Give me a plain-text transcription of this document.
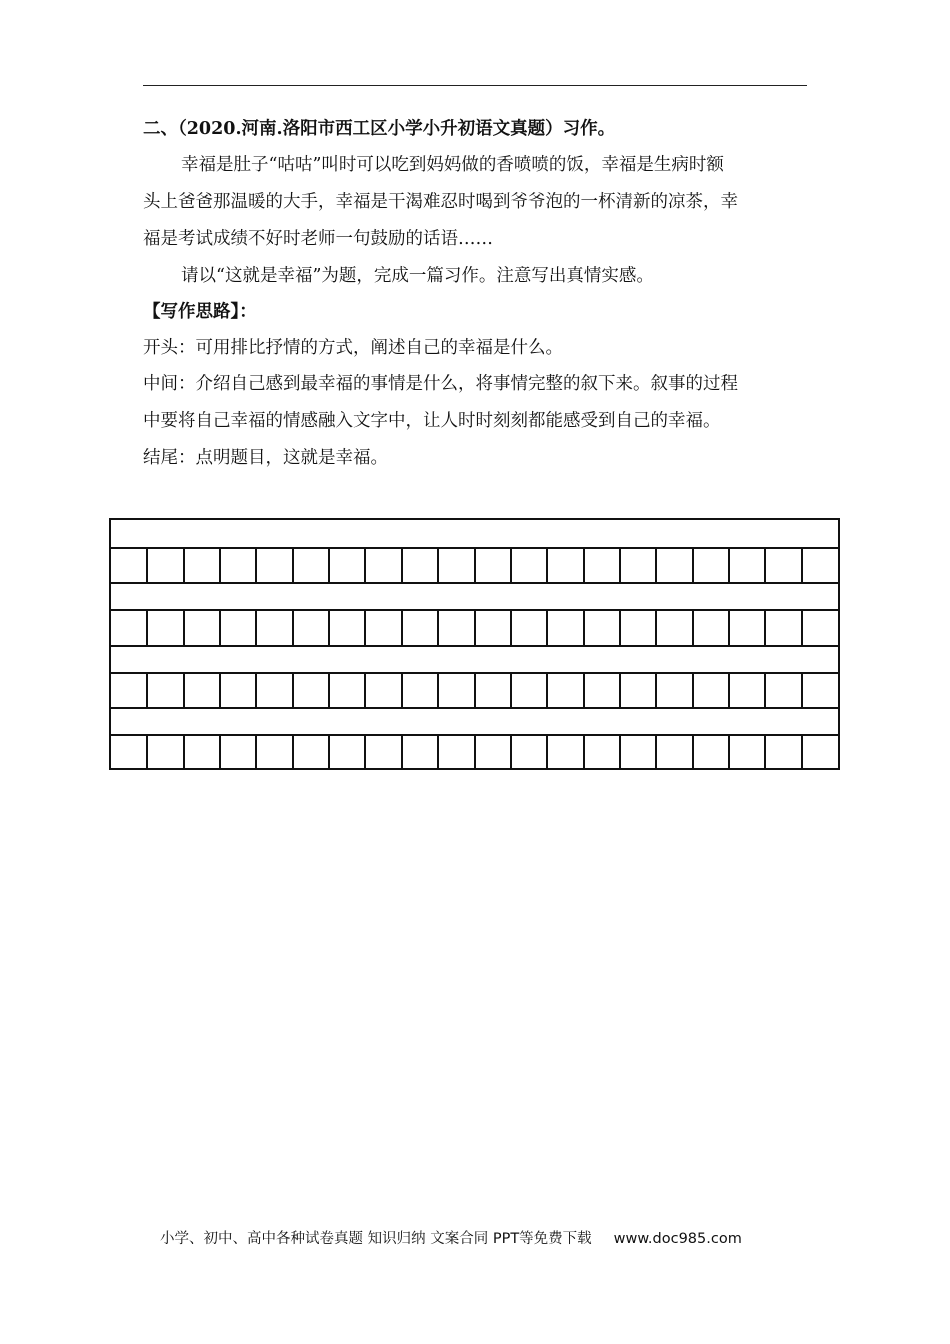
二、（2020.河南.洛阳市西工区小学小升初语文真题）习作。
幸福是肚子“咕咕”叫时可以吃到妈妈做的香喷喷的饭，幸福是生病时额
头上爸爸那温暖的大手，幸福是干渴难忍时喝到爷爷泡的一杯清新的凉茶，幸
福是考试成绩不好时老师一句鼓励的话语……
请以“这就是幸福”为题，完成一篇习作。注意写出真情实感。
【写作思路】：
开头：可用排比抒情的方式，阐述自己的幸福是什么。
中间：介绍自己感到最幸福的事情是什么，将事情完整的叙下来。叙事的过程
中要将自己幸福的情感融入文字中，让人时时刻刻都能感受到自己的幸福。
结尾：点明题目，这就是幸福。
小学、初中、高中各种试卷真题 知识归纳 文案合同 PPT等免费下载 www.doc985.com
